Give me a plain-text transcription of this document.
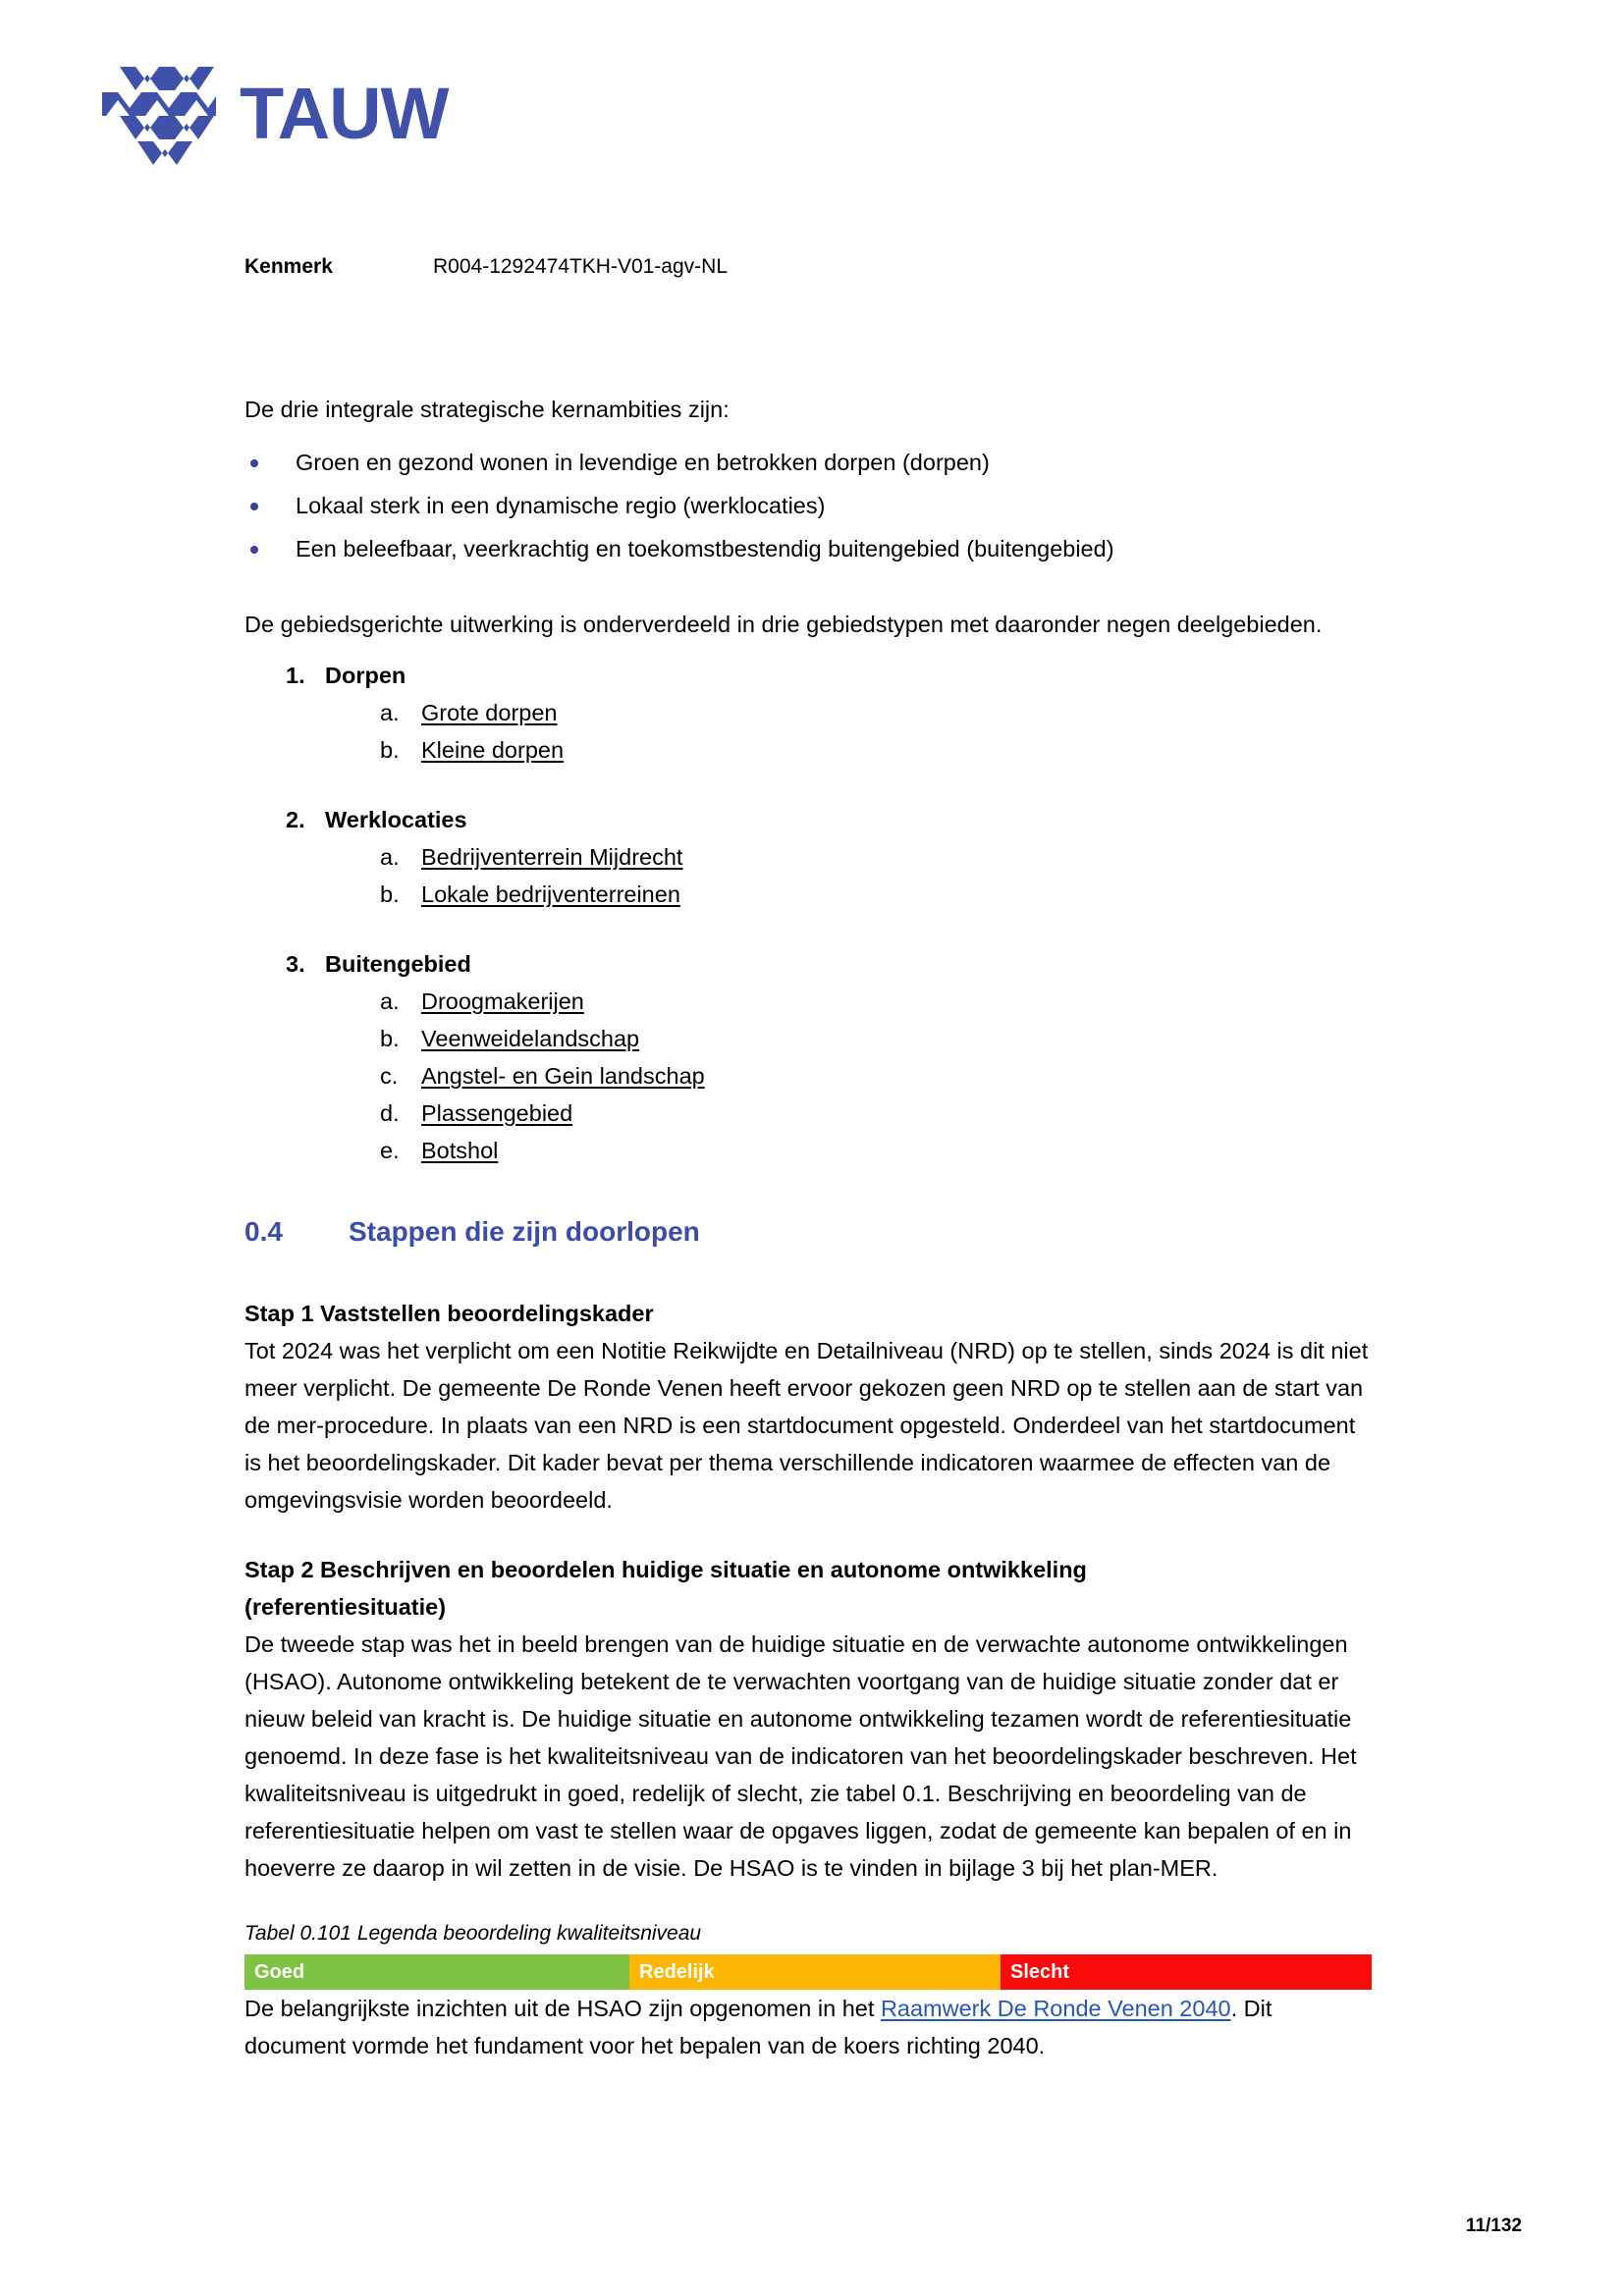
TAUW
Kenmerk	R004-1292474TKH-V01-agv-NL

De drie integrale strategische kernambities zijn:

Groen en gezond wonen in levendige en betrokken dorpen (dorpen)
Lokaal sterk in een dynamische regio (werklocaties)
Een beleefbaar, veerkrachtig en toekomstbestendig buitengebied (buitengebied)

De gebiedsgerichte uitwerking is onderverdeeld in drie gebiedstypen met daaronder negen deelgebieden.

1. Dorpen
a. Grote dorpen
b. Kleine dorpen
2. Werklocaties
a. Bedrijventerrein Mijdrecht
b. Lokale bedrijventerreinen
3. Buitengebied
a. Droogmakerijen
b. Veenweidelandschap
c. Angstel- en Gein landschap
d. Plassengebied
e. Botshol
0.4	Stappen die zijn doorlopen
Stap 1 Vaststellen beoordelingskader

Tot 2024 was het verplicht om een Notitie Reikwijdte en Detailniveau (NRD) op te stellen, sinds 2024 is dit niet meer verplicht. De gemeente De Ronde Venen heeft ervoor gekozen geen NRD op te stellen aan de start van de mer-procedure. In plaats van een NRD is een startdocument opgesteld. Onderdeel van het startdocument is het beoordelingskader. Dit kader bevat per thema verschillende indicatoren waarmee de effecten van de omgevingsvisie worden beoordeeld.

Stap 2 Beschrijven en beoordelen huidige situatie en autonome ontwikkeling
(referentiesituatie)

De tweede stap was het in beeld brengen van de huidige situatie en de verwachte autonome ontwikkelingen (HSAO). Autonome ontwikkeling betekent de te verwachten voortgang van de huidige situatie zonder dat er nieuw beleid van kracht is. De huidige situatie en autonome ontwikkeling tezamen wordt de referentiesituatie genoemd. In deze fase is het kwaliteitsniveau van de indicatoren van het beoordelingskader beschreven. Het kwaliteitsniveau is uitgedrukt in goed, redelijk of slecht, zie tabel 0.1. Beschrijving en beoordeling van de referentiesituatie helpen om vast te stellen waar de opgaves liggen, zodat de gemeente kan bepalen of en in hoeverre ze daarop in wil zetten in de visie. De HSAO is te vinden in bijlage 3 bij het plan-MER.

Tabel 0.101 Legenda beoordeling kwaliteitsniveau
Goed	Redelijk	Slecht

De belangrijkste inzichten uit de HSAO zijn opgenomen in het Raamwerk De Ronde Venen 2040. Dit document vormde het fundament voor het bepalen van de koers richting 2040.

11/132
